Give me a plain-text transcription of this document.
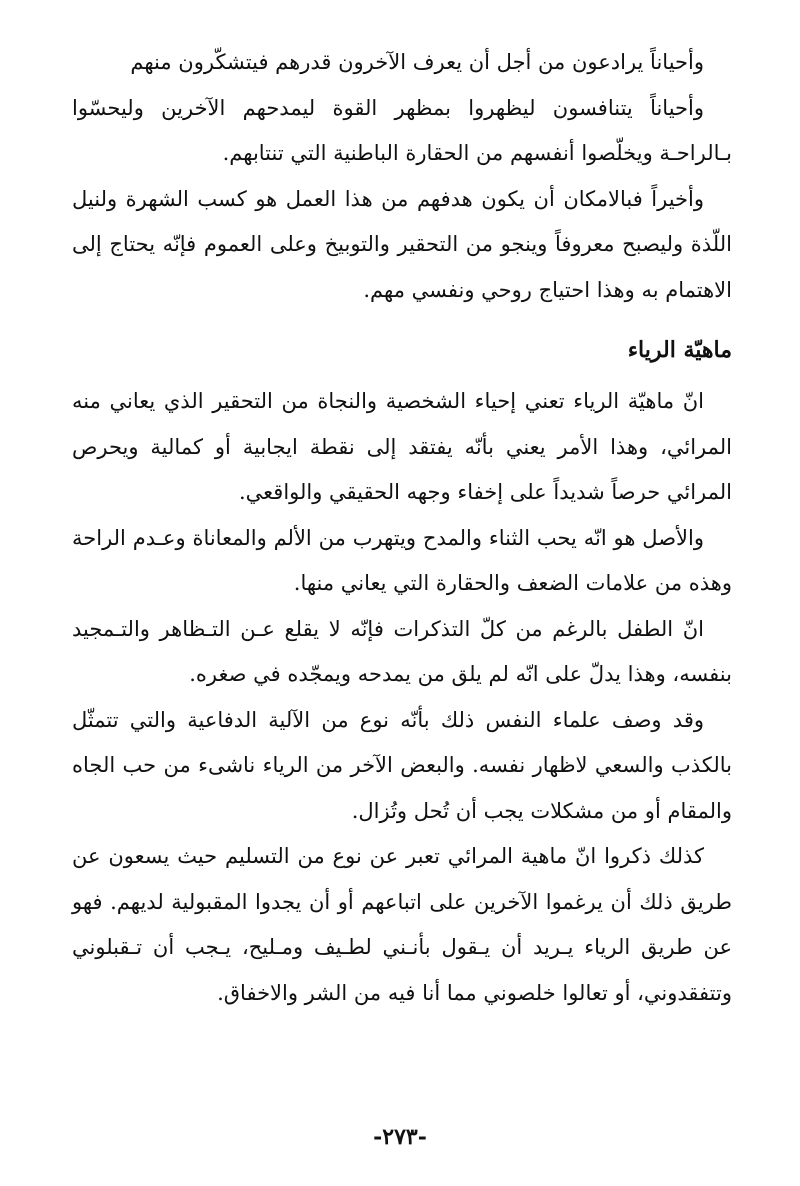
وأحياناً يرادعون من أجل أن يعرف الآخرون قدرهم فيتشكّرون منهم

وأحياناً يتنافسون ليظهروا بمظهر القوة ليمدحهم الآخرين وليحسّوا بـالراحـة ويخلّصوا أنفسهم من الحقارة الباطنية التي تنتابهم.

وأخيراً فبالامكان أن يكون هدفهم من هذا العمل هو كسب الشهرة ولنيل اللّذة وليصبح معروفاً وينجو من التحقير والتوبيخ وعلى العموم فإنّه يحتاج إلى الاهتمام به وهذا احتياج روحي ونفسي مهم.

ماهيّة الرياء

انّ ماهيّة الرياء تعني إحياء الشخصية والنجاة من التحقير الذي يعاني منه المرائي، وهذا الأمر يعني بأنّه يفتقد إلى نقطة ايجابية أو كمالية ويحرص المرائي حرصاً شديداً على إخفاء وجهه الحقيقي والواقعي.

والأصل هو انّه يحب الثناء والمدح ويتهرب من الألم والمعاناة وعـدم الراحة وهذه من علامات الضعف والحقارة التي يعاني منها.

انّ الطفل بالرغم من كلّ التذكرات فإنّه لا يقلع عـن التـظاهر والتـمجيد بنفسه، وهذا يدلّ على انّه لم يلق من يمدحه ويمجّده في صغره.

وقد وصف علماء النفس ذلك بأنّه نوع من الآلية الدفاعية والتي تتمثّل بالكذب والسعي لاظهار نفسه. والبعض الآخر من الرياء ناشىء من حب الجاه والمقام أو من مشكلات يجب أن تُحل وتُزال.

كذلك ذكروا انّ ماهية المرائي تعبر عن نوع من التسليم حيث يسعون عن طريق ذلك أن يرغموا الآخرين على اتباعهم أو أن يجدوا المقبولية لديهم. فهو عن طريق الرياء يـريد أن يـقول بأنـني لطـيف ومـليح، يـجب أن تـقبلوني وتتفقدوني، أو تعالوا خلصوني مما أنا فيه من الشر والاخفاق.

-٢٧٣-
